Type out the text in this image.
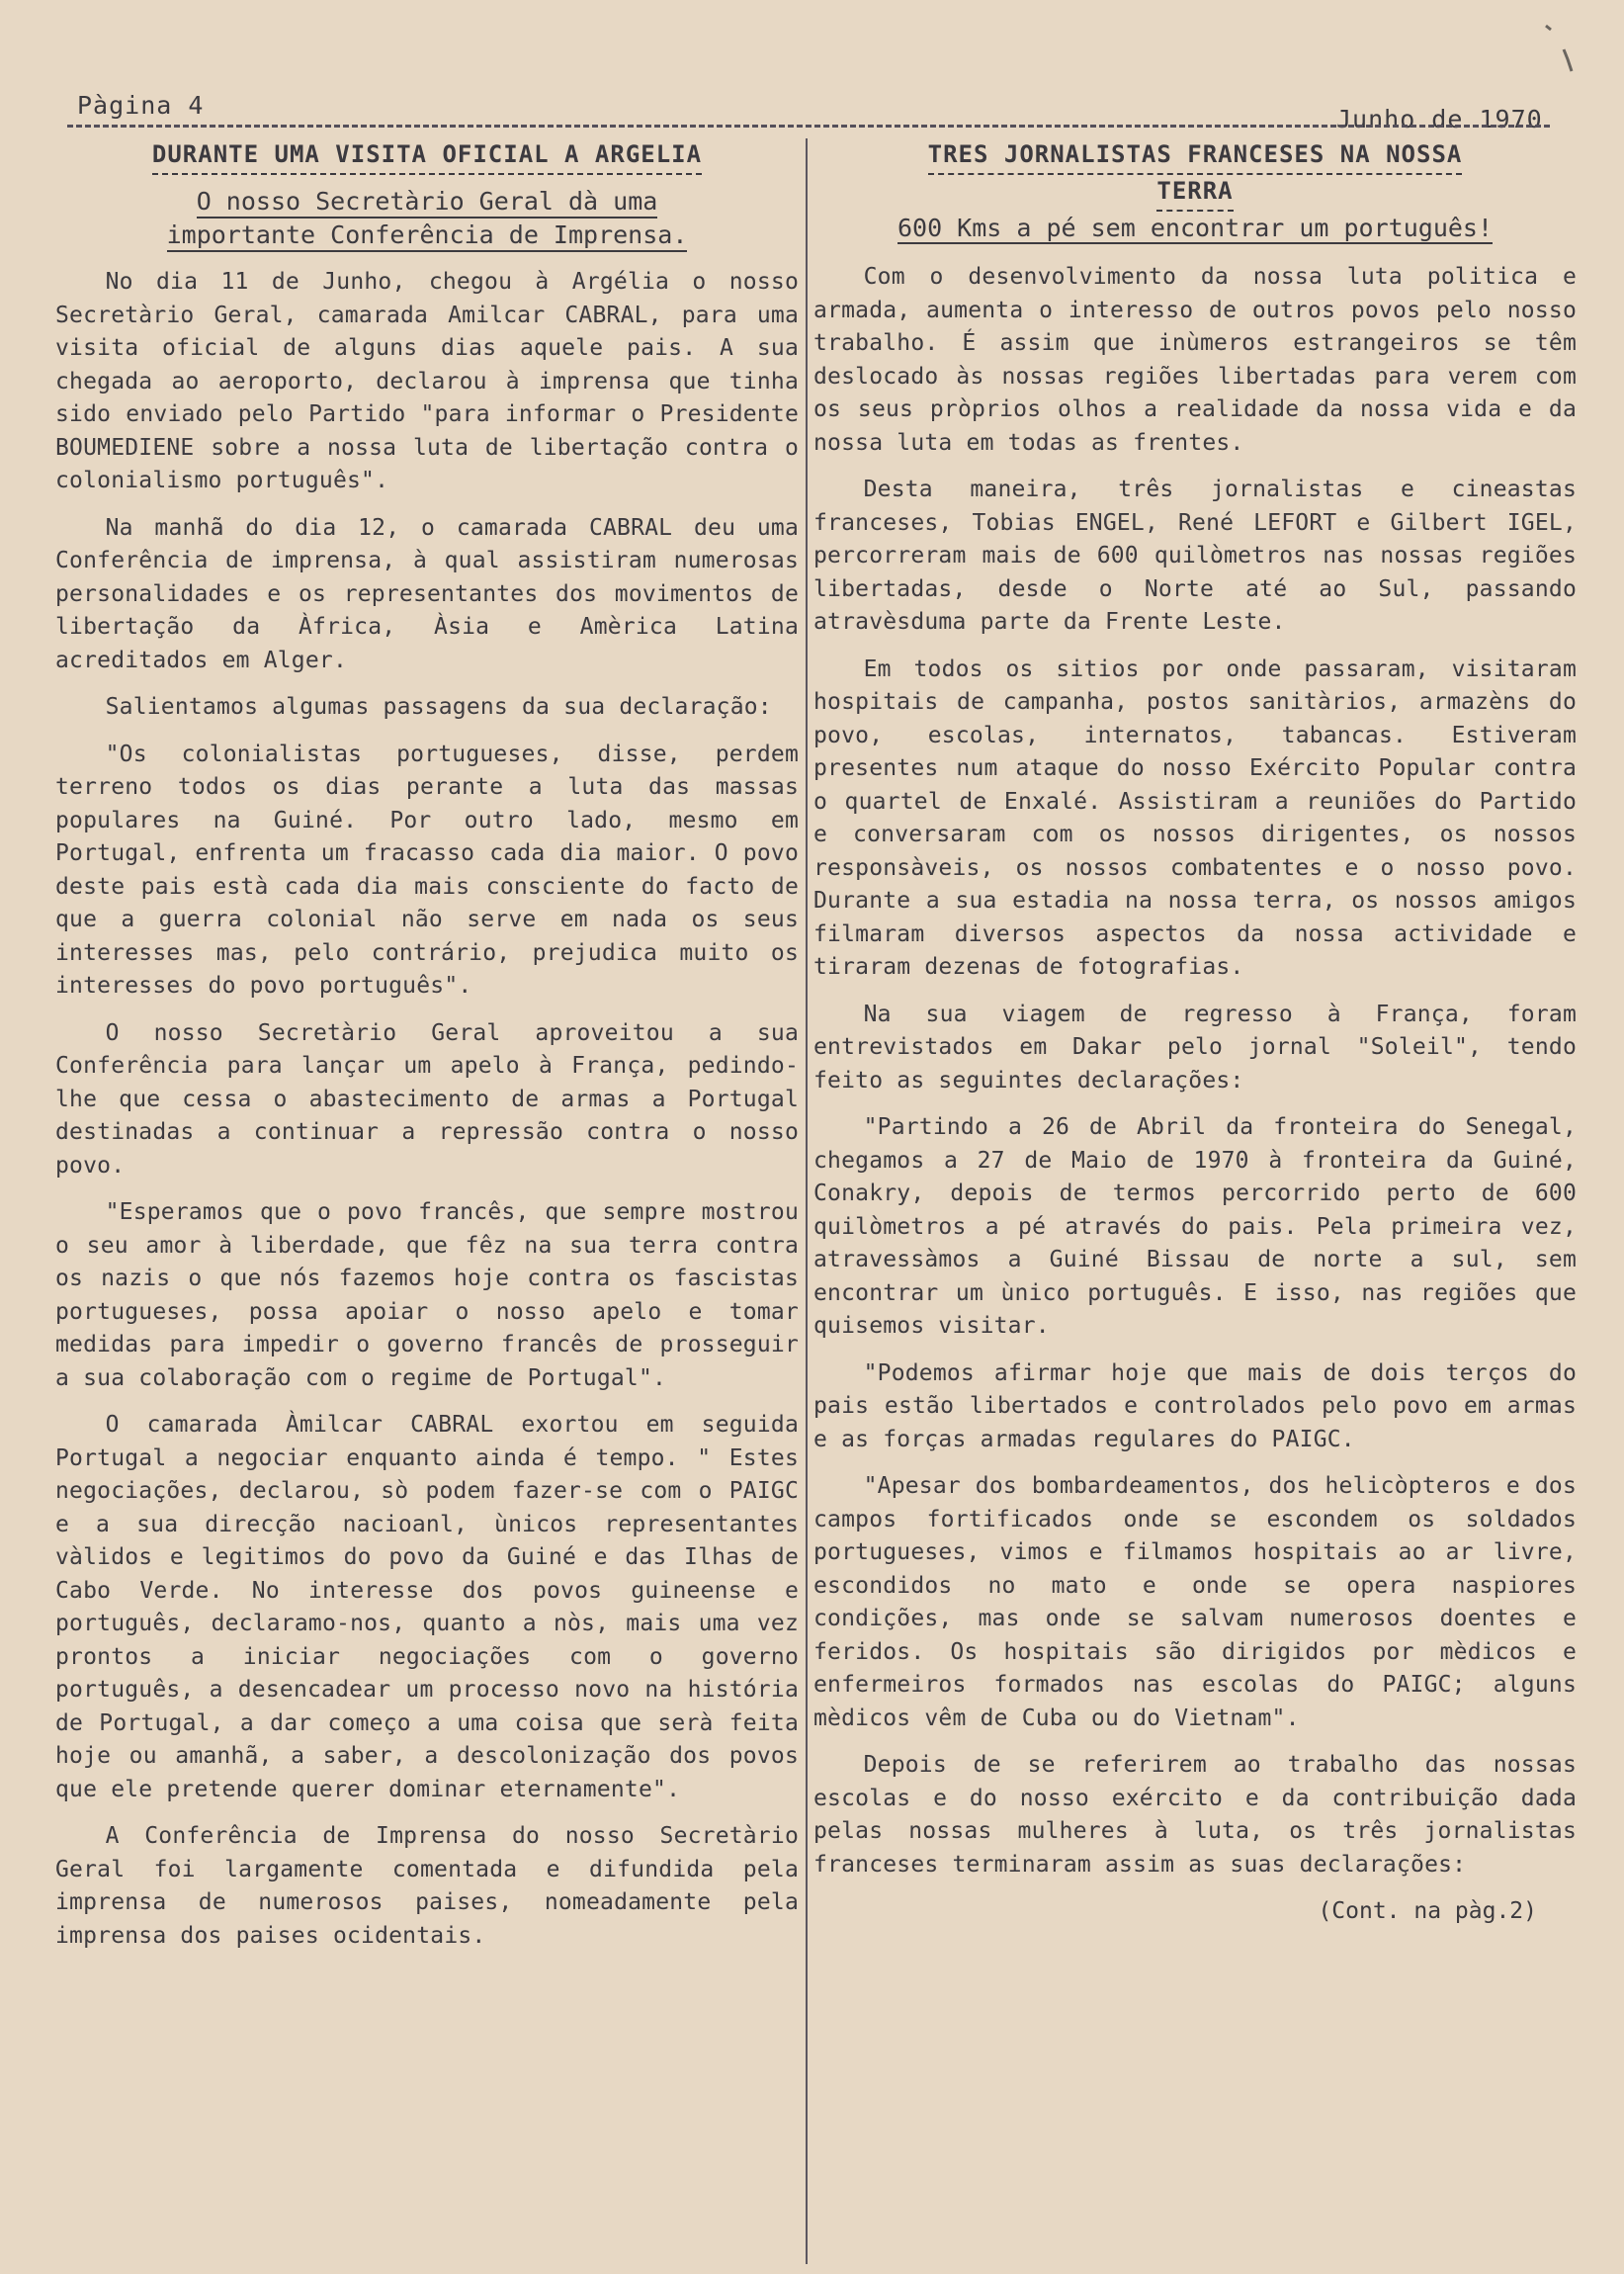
Pàgina 4	Junho de 1970
DURANTE UMA VISITA OFICIAL A ARGELIA
O nosso Secretàrio Geral dà uma
importante Conferência de Imprensa.

No dia 11 de Junho, chegou à Argélia o nosso Secretàrio Geral, camarada Amilcar CABRAL, para uma visita oficial de alguns dias aquele pais. A sua chegada ao aeroporto, declarou à imprensa que tinha sido enviado pelo Partido "para informar o Presidente BOUMEDIENE sobre a nossa luta de libertação contra o colonialismo português".

Na manhã do dia 12, o camarada CABRAL deu uma Conferência de imprensa, à qual assistiram numerosas personalidades e os representantes dos movimentos de libertação da Àfrica, Àsia e Amèrica Latina acreditados em Alger.

Salientamos algumas passagens da sua declaração:

"Os colonialistas portugueses, disse, perdem terreno todos os dias perante a luta das massas populares na Guiné. Por outro lado, mesmo em Portugal, enfrenta um fracasso cada dia maior. O povo deste pais està cada dia mais consciente do facto de que a guerra colonial não serve em nada os seus interesses mas, pelo contrário, prejudica muito os interesses do povo português".

O nosso Secretàrio Geral aproveitou a sua Conferência para lançar um apelo à França, pedindo-lhe que cessa o abastecimento de armas a Portugal destinadas a continuar a repressão contra o nosso povo.

"Esperamos que o povo francês, que sempre mostrou o seu amor à liberdade, que fêz na sua terra contra os nazis o que nós fazemos hoje contra os fascistas portugueses, possa apoiar o nosso apelo e tomar medidas para impedir o governo francês de prosseguir a sua colaboração com o regime de Portugal".

O camarada Àmilcar CABRAL exortou em seguida Portugal a negociar enquanto ainda é tempo. " Estes negociações, declarou, sò podem fazer-se com o PAIGC e a sua direcção nacioanl, ùnicos representantes vàlidos e legitimos do povo da Guiné e das Ilhas de Cabo Verde. No interesse dos povos guineense e português, declaramo-nos, quanto a nòs, mais uma vez prontos a iniciar negociações com o governo português, a desencadear um processo novo na história de Portugal, a dar começo a uma coisa que serà feita hoje ou amanhã, a saber, a descolonização dos povos que ele pretende querer dominar eternamente".

A Conferência de Imprensa do nosso Secretàrio Geral foi largamente comentada e difundida pela imprensa de numerosos paises, nomeadamente pela imprensa dos paises ocidentais.

TRES JORNALISTAS FRANCESES NA NOSSA
TERRA
600 Kms a pé sem encontrar um português!

Com o desenvolvimento da nossa luta politica e armada, aumenta o interesso de outros povos pelo nosso trabalho. É assim que inùmeros estrangeiros se têm deslocado às nossas regiões libertadas para verem com os seus pròprios olhos a realidade da nossa vida e da nossa luta em todas as frentes.

Desta maneira, três jornalistas e cineastas franceses, Tobias ENGEL, René LEFORT e Gilbert IGEL, percorreram mais de 600 quilòmetros nas nossas regiões libertadas, desde o Norte até ao Sul, passando atravèsduma parte da Frente Leste.

Em todos os sitios por onde passaram, visitaram hospitais de campanha, postos sanitàrios, armazèns do povo, escolas, internatos, tabancas. Estiveram presentes num ataque do nosso Exército Popular contra o quartel de Enxalé. Assistiram a reuniões do Partido e conversaram com os nossos dirigentes, os nossos responsàveis, os nossos combatentes e o nosso povo. Durante a sua estadia na nossa terra, os nossos amigos filmaram diversos aspectos da nossa actividade e tiraram dezenas de fotografias.

Na sua viagem de regresso à França, foram entrevistados em Dakar pelo jornal "Soleil", tendo feito as seguintes declarações:

"Partindo a 26 de Abril da fronteira do Senegal, chegamos a 27 de Maio de 1970 à fronteira da Guiné, Conakry, depois de termos percorrido perto de 600 quilòmetros a pé através do pais. Pela primeira vez, atravessàmos a Guiné Bissau de norte a sul, sem encontrar um ùnico português. E isso, nas regiões que quisemos visitar.

"Podemos afirmar hoje que mais de dois terços do pais estão libertados e controlados pelo povo em armas e as forças armadas regulares do PAIGC.

"Apesar dos bombardeamentos, dos helicòpteros e dos campos fortificados onde se escondem os soldados portugueses, vimos e filmamos hospitais ao ar livre, escondidos no mato e onde se opera naspiores condições, mas onde se salvam numerosos doentes e feridos. Os hospitais são dirigidos por mèdicos e enfermeiros formados nas escolas do PAIGC; alguns mèdicos vêm de Cuba ou do Vietnam".

Depois de se referirem ao trabalho das nossas escolas e do nosso exército e da contribuição dada pelas nossas mulheres à luta, os três jornalistas franceses terminaram assim as suas declarações:

(Cont. na pàg.2)
